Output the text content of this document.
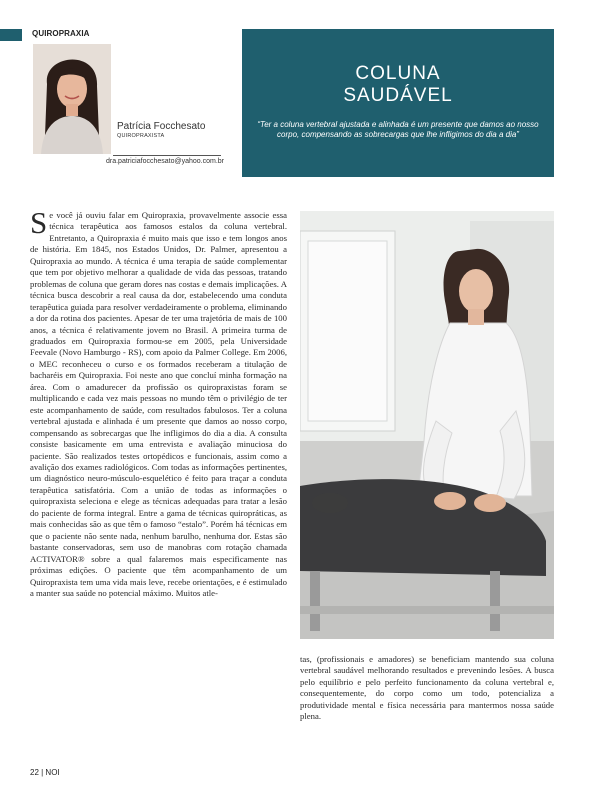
QUIROPRAXIA
Patrícia Focchesato
QUIROPRAXISTA
dra.patriciafocchesato@yahoo.com.br
COLUNA
SAUDÁVEL
“Ter a coluna vertebral ajustada e alinhada é um presente que damos ao nosso corpo, compensando as sobrecargas que lhe infligimos do dia a dia”
Se você já ouviu falar em Quiropraxia, provavelmente associe essa técnica terapêutica aos famosos estalos da coluna vertebral. Entretanto, a Quiropraxia é muito mais que isso e tem longos anos de história. Em 1845, nos Estados Unidos, Dr. Palmer, apresentou a Quiropraxia ao mundo. A técnica é uma terapia de saúde complementar que tem por objetivo melhorar a qualidade de vida das pessoas, tratando problemas de coluna que geram dores nas costas e demais implicações. A técnica busca descobrir a real causa da dor, estabelecendo uma conduta terapêutica guiada para resolver verdadeiramente o problema, eliminando a dor da rotina dos pacientes. Apesar de ter uma trajetória de mais de 100 anos, a técnica é relativamente jovem no Brasil. A primeira turma de graduados em Quiropraxia formou-se em 2005, pela Universidade Feevale (Novo Hamburgo - RS), com apoio da Palmer College. Em 2006, o MEC reconheceu o curso e os formados receberam a titulação de bacharéis em Quiropraxia. Foi neste ano que concluí minha formação na área. Com o amadurecer da profissão os quiropraxistas foram se multiplicando e cada vez mais pessoas no mundo têm o privilégio de ter este acompanhamento de saúde, com resultados fabulosos. Ter a coluna vertebral ajustada e alinhada é um presente que damos ao nosso corpo, compensando as sobrecargas que lhe infligimos do dia a dia. A consulta consiste basicamente em uma entrevista e avaliação minuciosa do paciente. São realizados testes ortopédicos e funcionais, assim como a avalição dos exames radiológicos. Com todas as informações pertinentes, um diagnóstico neuro-músculo-esquelético é feito para traçar a conduta terapêutica satisfatória. Com a união de todas as informações o quiropraxista seleciona e elege as técnicas adequadas para tratar a lesão do paciente de forma integral. Entre a gama de técnicas quiropráticas, as mais conhecidas são as que têm o famoso “estalo”. Porém há técnicas em que o paciente não sente nada, nenhum barulho, nenhuma dor. Estas são bastante conservadoras, sem uso de manobras com rotação chamada ACTIVATOR® sobre a qual falaremos mais especificamente nas próximas edições. O paciente que têm acompanhamento de um Quiropraxista tem uma vida mais leve, recebe orientações, e é estimulado a manter sua saúde no potencial máximo. Muitos atle-
tas, (profissionais e amadores) se beneficiam mantendo sua coluna vertebral saudável melhorando resultados e prevenindo lesões. A busca pelo equilíbrio e pelo perfeito funcionamento da coluna vertebral e, consequentemente, do corpo como um todo, potencializa a produtividade mental e física necessária para mantermos nossa saúde plena.
22 | NOI
